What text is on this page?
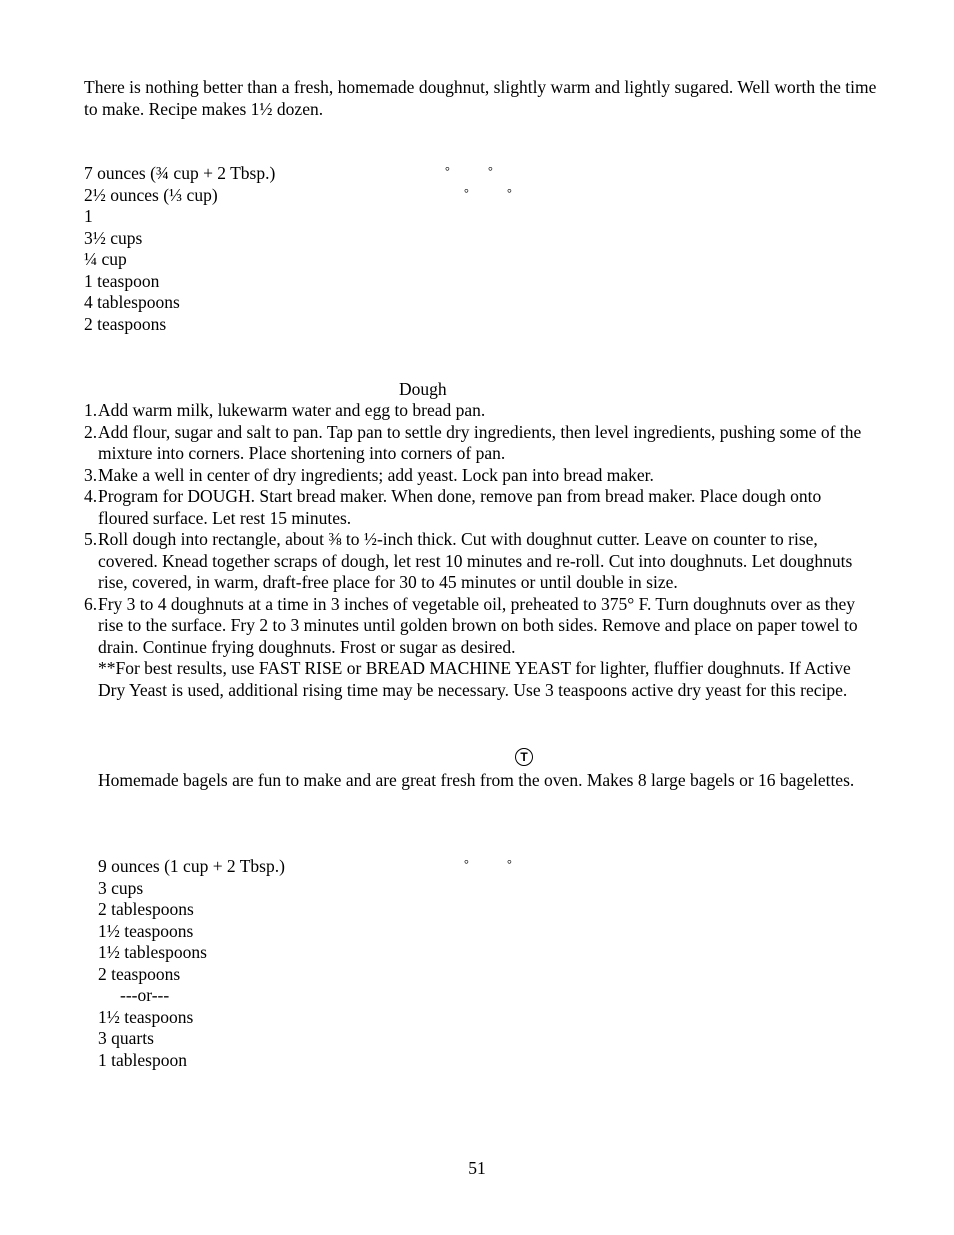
There is nothing better than a fresh, homemade doughnut, slightly warm and lightly sugared. Well worth the time to make. Recipe makes 1½ dozen.
7 ounces (¾ cup + 2 Tbsp.)
2½ ounces (⅓ cup)
1
3½ cups
¼ cup
1 teaspoon
4 tablespoons
2 teaspoons
°	°
°	°
Dough
1. Add warm milk, lukewarm water and egg to bread pan.
2. Add flour, sugar and salt to pan. Tap pan to settle dry ingredients, then level ingredients, pushing some of the mixture into corners. Place shortening into corners of pan.
3. Make a well in center of dry ingredients; add yeast. Lock pan into bread maker.
4. Program for DOUGH. Start bread maker. When done, remove pan from bread maker. Place dough onto floured surface. Let rest 15 minutes.
5. Roll dough into rectangle, about ⅜ to ½-inch thick. Cut with doughnut cutter. Leave on counter to rise, covered. Knead together scraps of dough, let rest 10 minutes and re-roll. Cut into doughnuts. Let doughnuts rise, covered, in warm, draft-free place for 30 to 45 minutes or until double in size.
6. Fry 3 to 4 doughnuts at a time in 3 inches of vegetable oil, preheated to 375° F. Turn doughnuts over as they rise to the surface. Fry 2 to 3 minutes until golden brown on both sides. Remove and place on paper towel to drain. Continue frying doughnuts. Frost or sugar as desired.
**For best results, use FAST RISE or BREAD MACHINE YEAST for lighter, fluffier doughnuts. If Active Dry Yeast is used, additional rising time may be necessary. Use 3 teaspoons active dry yeast for this recipe.
T
Homemade bagels are fun to make and are great fresh from the oven. Makes 8 large bagels or 16 bagelettes.
9 ounces (1 cup + 2 Tbsp.)
3 cups
2 tablespoons
1½ teaspoons
1½ tablespoons
2 teaspoons
---or---
1½ teaspoons
3 quarts
1 tablespoon
°	°
51
